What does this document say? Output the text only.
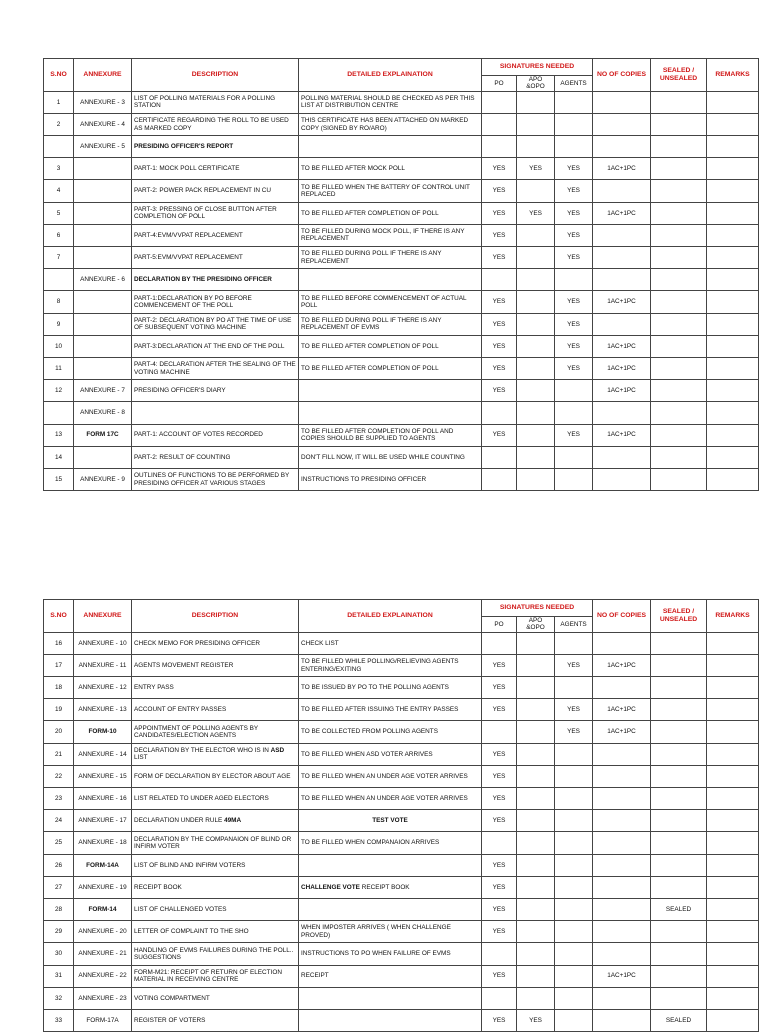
S.NO	ANNEXURE	DESCRIPTION	DETAILED EXPLAINATION	SIGNATURES NEEDED			NO OF COPIES	SEALED / UNSEALED	REMARKS
				PO	APO &OPO	AGENTS			
1	ANNEXURE - 3	LIST OF POLLING MATERIALS FOR A POLLING STATION	POLLING MATERIAL SHOULD BE CHECKED AS PER THIS LIST AT DISTRIBUTION CENTRE						
2	ANNEXURE - 4	CERTIFICATE REGARDING THE ROLL TO BE USED AS MARKED COPY	THIS CERTIFICATE HAS BEEN ATTACHED ON MARKED COPY (SIGNED BY RO/ARO)						
	ANNEXURE - 5	PRESIDING OFFICER'S REPORT							
3		PART-1: MOCK POLL CERTIFICATE	TO BE FILLED AFTER MOCK POLL	YES	YES	YES	1AC+1PC		
4		PART-2: POWER PACK REPLACEMENT IN CU	TO BE FILLED WHEN THE BATTERY OF CONTROL UNIT REPLACED	YES		YES			
5		PART-3: PRESSING OF CLOSE BUTTON AFTER COMPLETION OF POLL	TO BE FILLED AFTER COMPLETION OF POLL	YES	YES	YES	1AC+1PC		
6		PART-4:EVM/VVPAT REPLACEMENT	TO BE FILLED DURING MOCK POLL, IF THERE IS ANY REPLACEMENT	YES		YES			
7		PART-5:EVM/VVPAT REPLACEMENT	TO BE FILLED DURING POLL IF THERE IS ANY REPLACEMENT	YES		YES			
	ANNEXURE - 6	DECLARATION BY THE PRESIDING OFFICER							
8		PART-1:DECLARATION BY PO BEFORE COMMENCEMENT OF THE POLL	TO BE FILLED BEFORE COMMENCEMENT OF ACTUAL POLL	YES		YES	1AC+1PC		
9		PART-2: DECLARATION BY PO AT THE TIME OF USE OF SUBSEQUENT VOTING MACHINE	TO BE FILLED DURING POLL IF THERE IS ANY REPLACEMENT OF EVMS	YES		YES			
10		PART-3:DECLARATION AT THE END OF THE POLL	TO BE FILLED AFTER COMPLETION OF POLL	YES		YES	1AC+1PC		
11		PART-4: DECLARATION AFTER THE SEALING OF THE VOTING MACHINE	TO BE FILLED AFTER COMPLETION OF POLL	YES		YES	1AC+1PC		
12	ANNEXURE - 7	PRESIDING OFFICER'S DIARY		YES			1AC+1PC		
	ANNEXURE - 8								
13	FORM 17C	PART-1: ACCOUNT OF VOTES RECORDED	TO BE FILLED AFTER COMPLETION OF POLL AND COPIES SHOULD BE SUPPLIED TO AGENTS	YES		YES	1AC+1PC		
14		PART-2: RESULT OF COUNTING	DON'T FILL NOW, IT WILL BE USED WHILE COUNTING						
15	ANNEXURE - 9	OUTLINES OF FUNCTIONS TO BE PERFORMED BY PRESIDING OFFICER AT VARIOUS STAGES	INSTRUCTIONS TO PRESIDING OFFICER						
S.NO	ANNEXURE	DESCRIPTION	DETAILED EXPLAINATION	SIGNATURES NEEDED			NO OF COPIES	SEALED / UNSEALED	REMARKS
				PO	APO &OPO	AGENTS			
16	ANNEXURE - 10	CHECK MEMO FOR PRESIDING OFFICER	CHECK LIST						
17	ANNEXURE - 11	AGENTS MOVEMENT REGISTER	TO BE FILLED WHILE POLLING/RELIEVING AGENTS ENTERING/EXITING	YES		YES	1AC+1PC		
18	ANNEXURE - 12	ENTRY PASS	TO BE ISSUED BY PO TO THE POLLING AGENTS	YES					
19	ANNEXURE - 13	ACCOUNT OF ENTRY PASSES	TO BE FILLED AFTER ISSUING THE ENTRY PASSES	YES		YES	1AC+1PC		
20	FORM-10	APPOINTMENT OF POLLING AGENTS BY CANDIDATES/ELECTION AGENTS	TO BE COLLECTED FROM POLLING AGENTS			YES	1AC+1PC		
21	ANNEXURE - 14	DECLARATION BY THE ELECTOR WHO IS IN ASD LIST	TO BE FILLED WHEN ASD VOTER ARRIVES	YES					
22	ANNEXURE - 15	FORM OF DECLARATION BY ELECTOR ABOUT AGE	TO BE FILLED WHEN AN UNDER AGE VOTER ARRIVES	YES					
23	ANNEXURE - 16	LIST RELATED TO UNDER AGED ELECTORS	TO BE FILLED WHEN AN UNDER AGE VOTER ARRIVES	YES					
24	ANNEXURE - 17	DECLARATION UNDER RULE 49MA	TEST VOTE	YES					
25	ANNEXURE - 18	DECLARATION BY THE COMPANAION OF BLIND OR INFIRM VOTER	TO BE FILLED WHEN COMPANAION ARRIVES						
26	FORM-14A	LIST OF BLIND AND INFIRM VOTERS		YES					
27	ANNEXURE - 19	RECEIPT BOOK	CHALLENGE VOTE RECEIPT BOOK	YES					
28	FORM-14	LIST OF CHALLENGED VOTES		YES				SEALED	
29	ANNEXURE - 20	LETTER OF COMPLAINT TO THE SHO	WHEN IMPOSTER ARRIVES ( WHEN CHALLENGE PROVED)	YES					
30	ANNEXURE - 21	HANDLING OF EVMS FAILURES DURING THE POLL.. SUGGESTIONS	INSTRUCTIONS TO PO WHEN FAILURE OF EVMS						
31	ANNEXURE - 22	FORM-M21: RECEIPT OF RETURN OF ELECTION MATERIAL IN RECEIVING CENTRE	RECEIPT	YES			1AC+1PC		
32	ANNEXURE - 23	VOTING COMPARTMENT							
33	FORM-17A	REGISTER OF VOTERS		YES	YES			SEALED	
